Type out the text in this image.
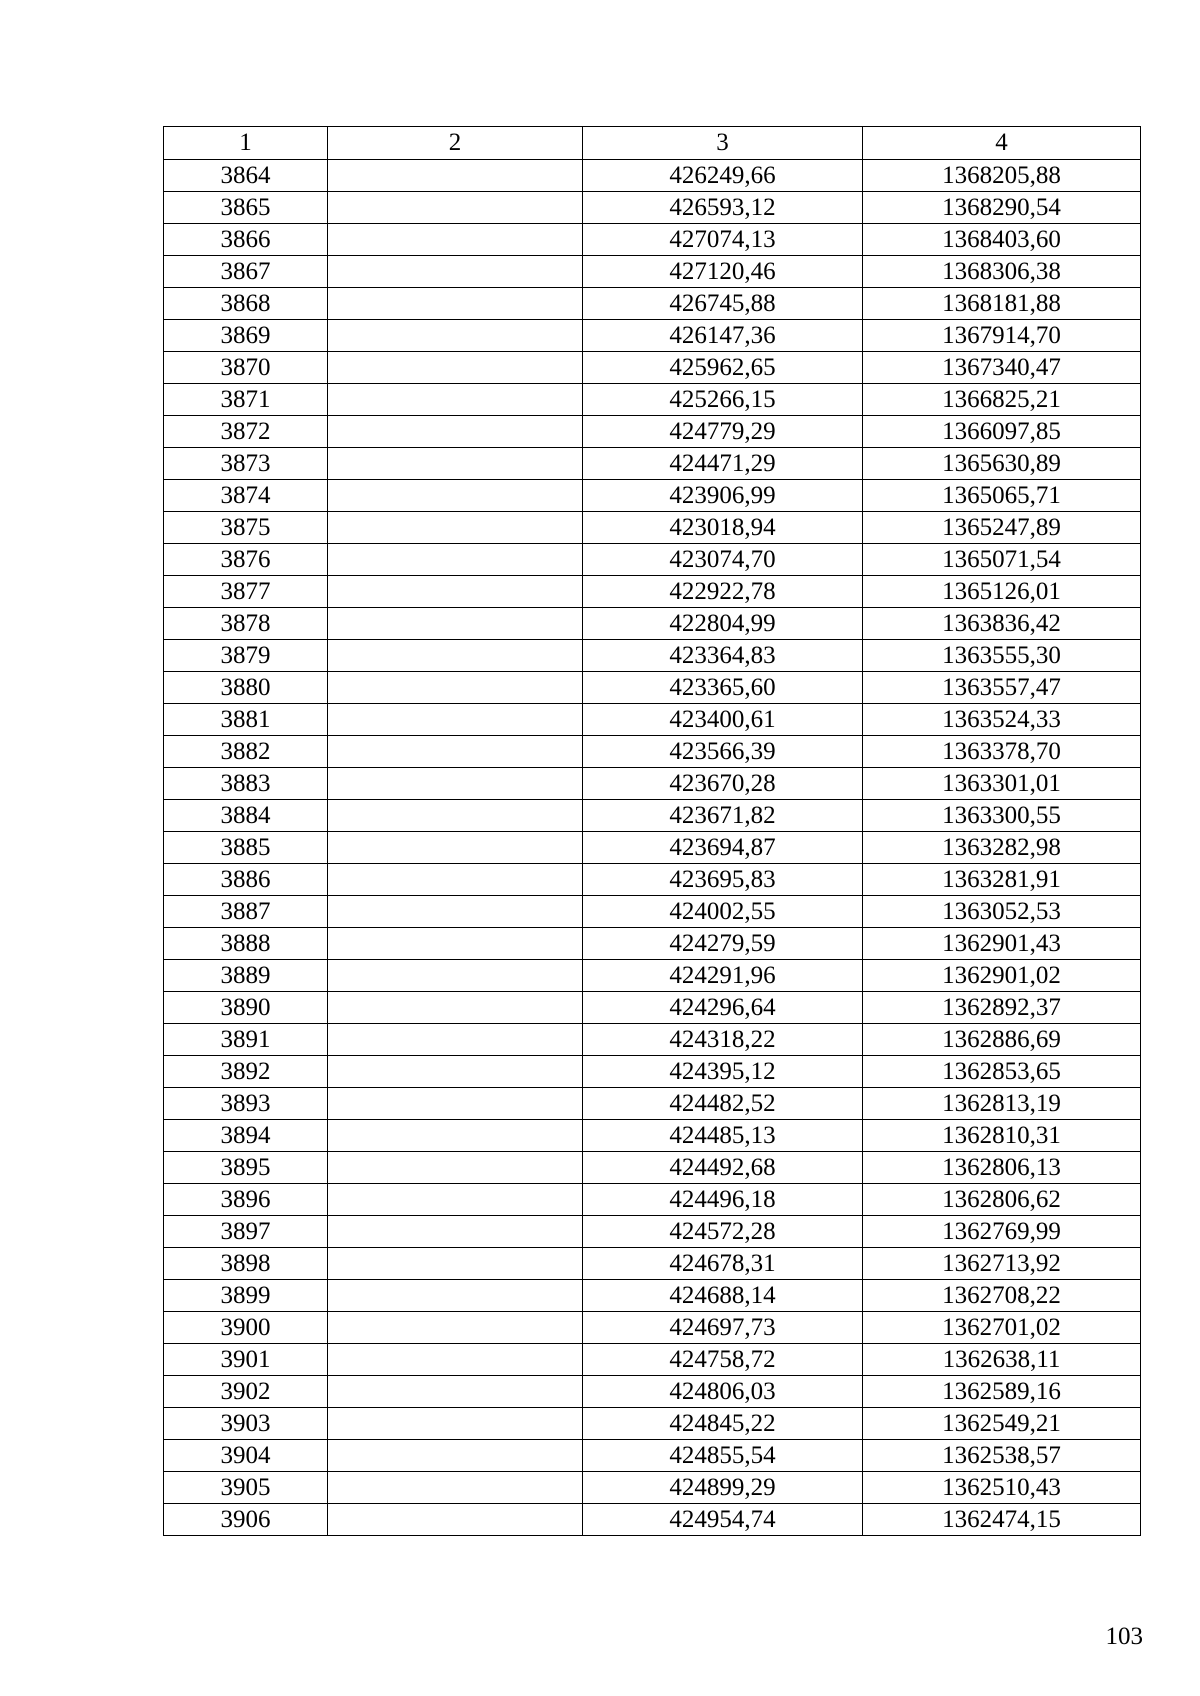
1	2	3	4
3864		426249,66	1368205,88
3865		426593,12	1368290,54
3866		427074,13	1368403,60
3867		427120,46	1368306,38
3868		426745,88	1368181,88
3869		426147,36	1367914,70
3870		425962,65	1367340,47
3871		425266,15	1366825,21
3872		424779,29	1366097,85
3873		424471,29	1365630,89
3874		423906,99	1365065,71
3875		423018,94	1365247,89
3876		423074,70	1365071,54
3877		422922,78	1365126,01
3878		422804,99	1363836,42
3879		423364,83	1363555,30
3880		423365,60	1363557,47
3881		423400,61	1363524,33
3882		423566,39	1363378,70
3883		423670,28	1363301,01
3884		423671,82	1363300,55
3885		423694,87	1363282,98
3886		423695,83	1363281,91
3887		424002,55	1363052,53
3888		424279,59	1362901,43
3889		424291,96	1362901,02
3890		424296,64	1362892,37
3891		424318,22	1362886,69
3892		424395,12	1362853,65
3893		424482,52	1362813,19
3894		424485,13	1362810,31
3895		424492,68	1362806,13
3896		424496,18	1362806,62
3897		424572,28	1362769,99
3898		424678,31	1362713,92
3899		424688,14	1362708,22
3900		424697,73	1362701,02
3901		424758,72	1362638,11
3902		424806,03	1362589,16
3903		424845,22	1362549,21
3904		424855,54	1362538,57
3905		424899,29	1362510,43
3906		424954,74	1362474,15
103
